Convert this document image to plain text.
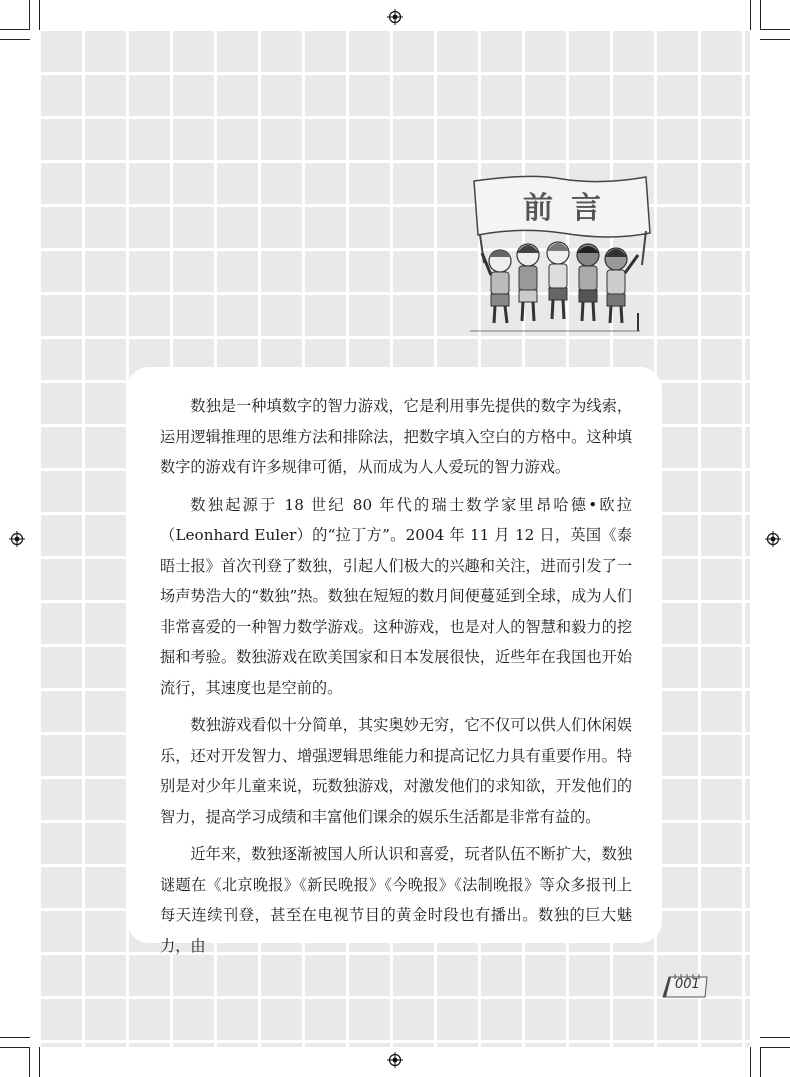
前言

数独是一种填数字的智力游戏，它是利用事先提供的数字为线索，运用逻辑推理的思维方法和排除法，把数字填入空白的方格中。这种填数字的游戏有许多规律可循，从而成为人人爱玩的智力游戏。

数独起源于 18 世纪 80 年代的瑞士数学家里昂哈德•欧拉（Leonhard Euler）的“拉丁方”。2004 年 11 月 12 日，英国《泰晤士报》首次刊登了数独，引起人们极大的兴趣和关注，进而引发了一场声势浩大的“数独”热。数独在短短的数月间便蔓延到全球，成为人们非常喜爱的一种智力数学游戏。这种游戏，也是对人的智慧和毅力的挖掘和考验。数独游戏在欧美国家和日本发展很快，近些年在我国也开始流行，其速度也是空前的。

数独游戏看似十分简单，其实奥妙无穷，它不仅可以供人们休闲娱乐，还对开发智力、增强逻辑思维能力和提高记忆力具有重要作用。特别是对少年儿童来说，玩数独游戏，对激发他们的求知欲，开发他们的智力，提高学习成绩和丰富他们课余的娱乐生活都是非常有益的。

近年来，数独逐渐被国人所认识和喜爱，玩者队伍不断扩大，数独谜题在《北京晚报》《新民晚报》《今晚报》《法制晚报》等众多报刊上每天连续刊登，甚至在电视节目的黄金时段也有播出。数独的巨大魅力，由

001
